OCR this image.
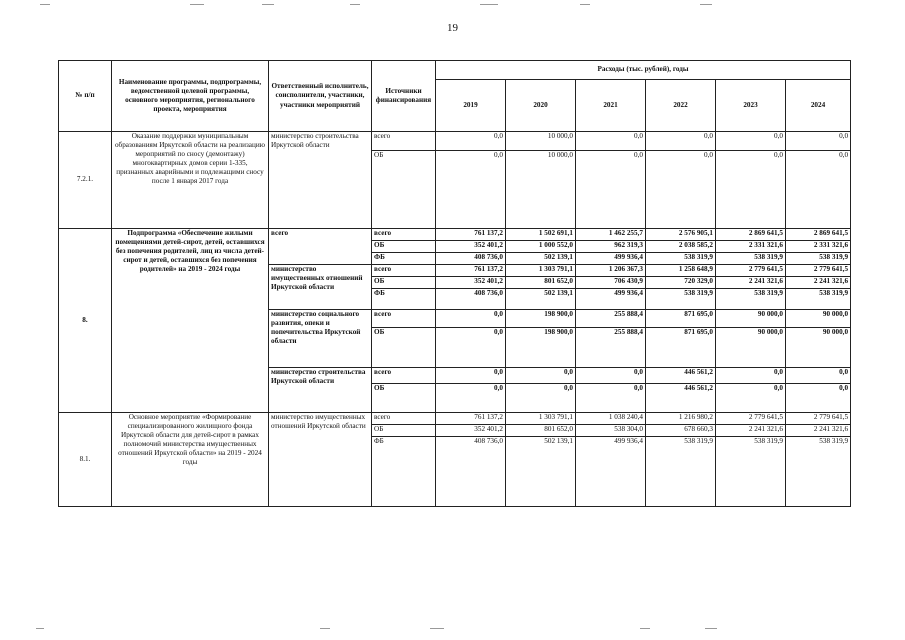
19
№ п/п	Наименование программы, подпрограммы, ведомственной целевой программы, основного мероприятия, регионального проекта, мероприятия	Ответственный исполнитель, соисполнители, участники, участники мероприятий	Источники финансирования	Расходы (тыс. рублей), годы					
				2019	2020	2021	2022	2023	2024
7.2.1.	Оказание поддержки муниципальным образованиям Иркутской области на реализацию мероприятий по сносу (демонтажу) многоквартирных домов серии 1-335, признанных аварийными и подлежащими сносу после 1 января 2017 года	министерство строительства Иркутской области	всего	0,0	10 000,0	0,0	0,0	0,0	0,0
			ОБ	0,0	10 000,0	0,0	0,0	0,0	0,0
8.	Подпрограмма «Обеспечение жилыми помещениями детей-сирот, детей, оставшихся без попечения родителей, лиц из числа детей-сирот и детей, оставшихся без попечения родителей» на 2019 - 2024 годы	всего	всего	761 137,2	1 502 691,1	1 462 255,7	2 576 905,1	2 869 641,5	2 869 641,5
			ОБ	352 401,2	1 000 552,0	962 319,3	2 038 585,2	2 331 321,6	2 331 321,6
			ФБ	408 736,0	502 139,1	499 936,4	538 319,9	538 319,9	538 319,9
		министерство имущественных отношений Иркутской области	всего	761 137,2	1 303 791,1	1 206 367,3	1 258 648,9	2 779 641,5	2 779 641,5
			ОБ	352 401,2	801 652,0	706 430,9	720 329,0	2 241 321,6	2 241 321,6
			ФБ	408 736,0	502 139,1	499 936,4	538 319,9	538 319,9	538 319,9
		министерство социального развития, опеки и попечительства Иркутской области	всего	0,0	198 900,0	255 888,4	871 695,0	90 000,0	90 000,0
			ОБ	0,0	198 900,0	255 888,4	871 695,0	90 000,0	90 000,0
		министерство строительства Иркутской области	всего	0,0	0,0	0,0	446 561,2	0,0	0,0
			ОБ	0,0	0,0	0,0	446 561,2	0,0	0,0
8.1.	Основное мероприятие «Формирование специализированного жилищного фонда Иркутской области для детей-сирот в рамках полномочий министерства имущественных отношений Иркутской области» на 2019 - 2024 годы	министерство имущественных отношений Иркутской области	всего	761 137,2	1 303 791,1	1 038 240,4	1 216 980,2	2 779 641,5	2 779 641,5
			ОБ	352 401,2	801 652,0	538 304,0	678 660,3	2 241 321,6	2 241 321,6
			ФБ	408 736,0	502 139,1	499 936,4	538 319,9	538 319,9	538 319,9
